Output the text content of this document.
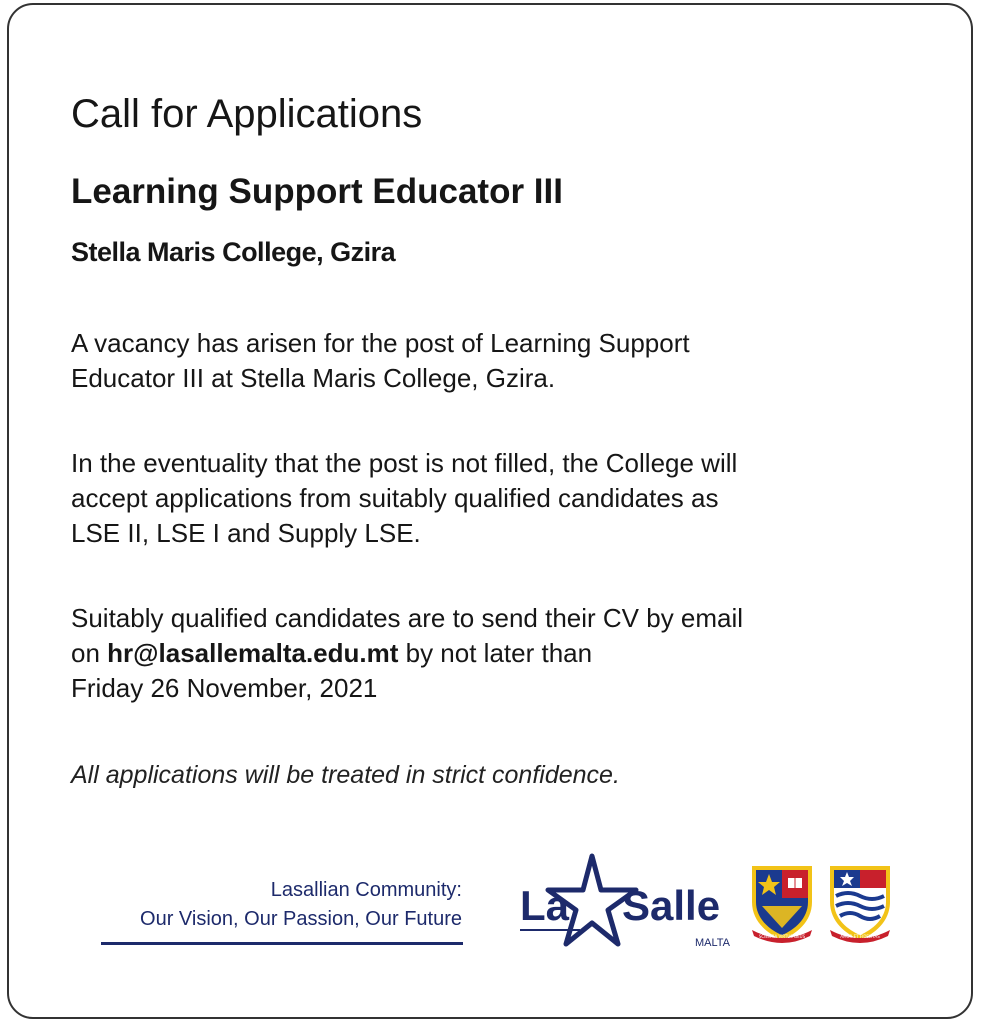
Call for Applications
Learning Support Educator III
Stella Maris College, Gzira

A vacancy has arisen for the post of Learning Support
Educator III at Stella Maris College, Gzira.

In the eventuality that the post is not filled, the College will
accept applications from suitably qualified candidates as
LSE II, LSE I and Supply LSE.

Suitably qualified candidates are to send their CV by email
on hr@lasallemalta.edu.mt by not later than
Friday 26 November, 2021

All applications will be treated in strict confidence.

Lasallian Community:
Our Vision, Our Passion, Our Future La Salle
MALTA
SCIENTIA VIRTUS DEUS	AMOR ET FIDELITAS
